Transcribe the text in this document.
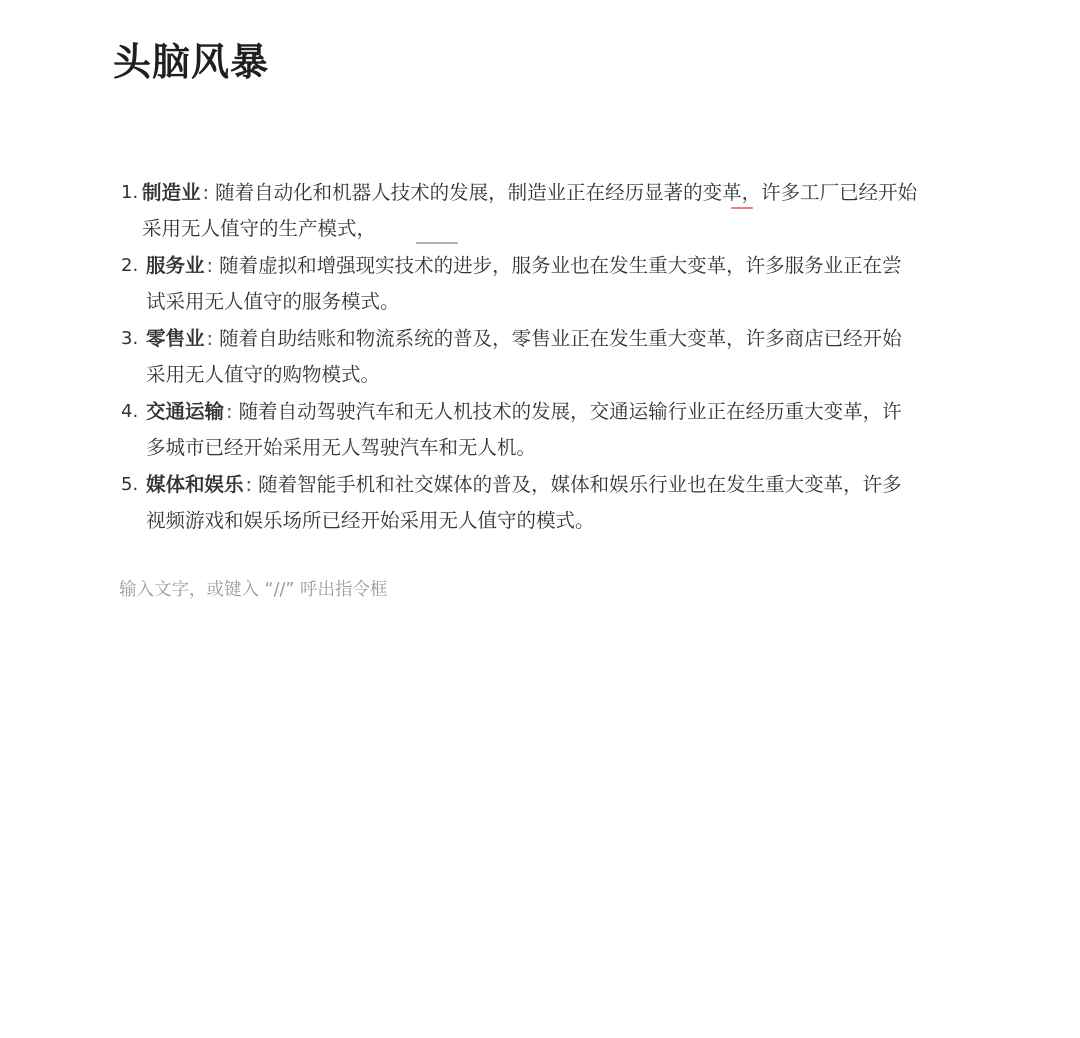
头脑风暴
1. 制造业 : 随着自动化和机器人技术的发展，制造业正在经历显著的变革，许多工厂已经开始采用无人值守的生产模式，
2. 服务业 : 随着虚拟和增强现实技术的进步，服务业也在发生重大变革，许多服务业正在尝试采用无人值守的服务模式。
3. 零售业 : 随着自助结账和物流系统的普及，零售业正在发生重大变革，许多商店已经开始采用无人值守的购物模式。
4. 交通运输 : 随着自动驾驶汽车和无人机技术的发展，交通运输行业正在经历重大变革，许多城市已经开始采用无人驾驶汽车和无人机。
5. 媒体和娱乐 : 随着智能手机和社交媒体的普及，媒体和娱乐行业也在发生重大变革，许多视频游戏和娱乐场所已经开始采用无人值守的模式。
输入文字，或键入 “//” 呼出指令框
